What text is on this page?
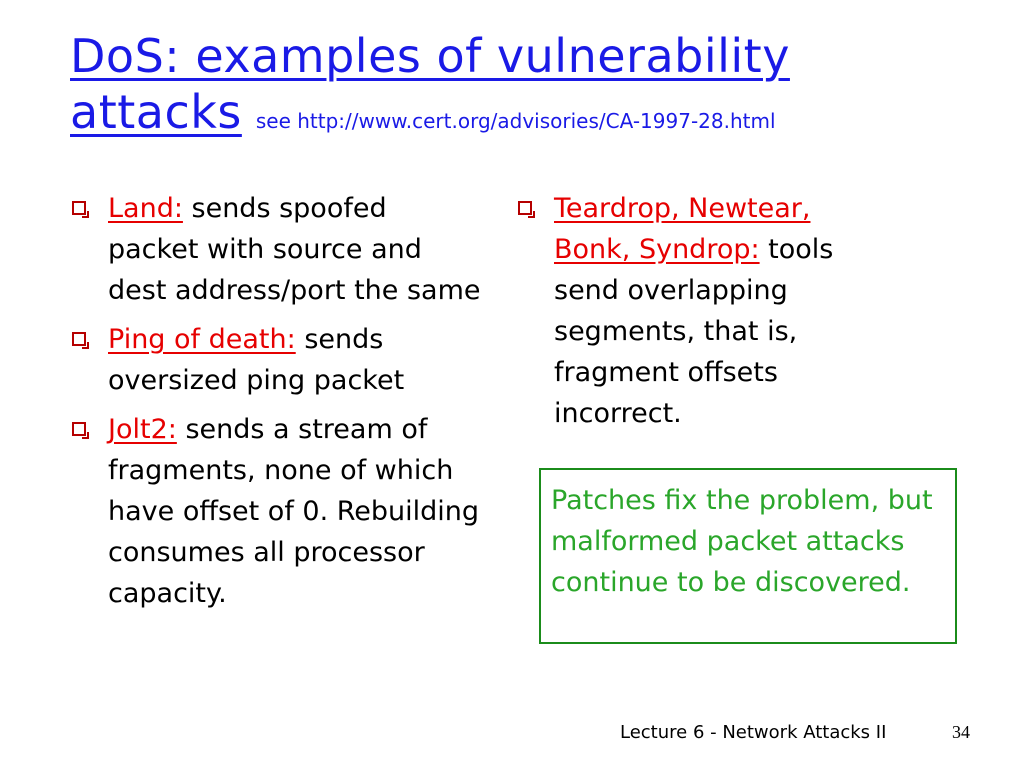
DoS: examples of vulnerability
attacks see http://www.cert.org/advisories/CA-1997-28.html
Land: sends spoofed packet with source and dest address/port the same
Ping of death: sends oversized ping packet
Jolt2: sends a stream of fragments, none of which have offset of 0. Rebuilding consumes all processor capacity.
Teardrop, Newtear, Bonk, Syndrop: tools send overlapping segments, that is, fragment offsets incorrect.
Patches fix the problem, but malformed packet attacks continue to be discovered.
Lecture 6 - Network Attacks II	34
